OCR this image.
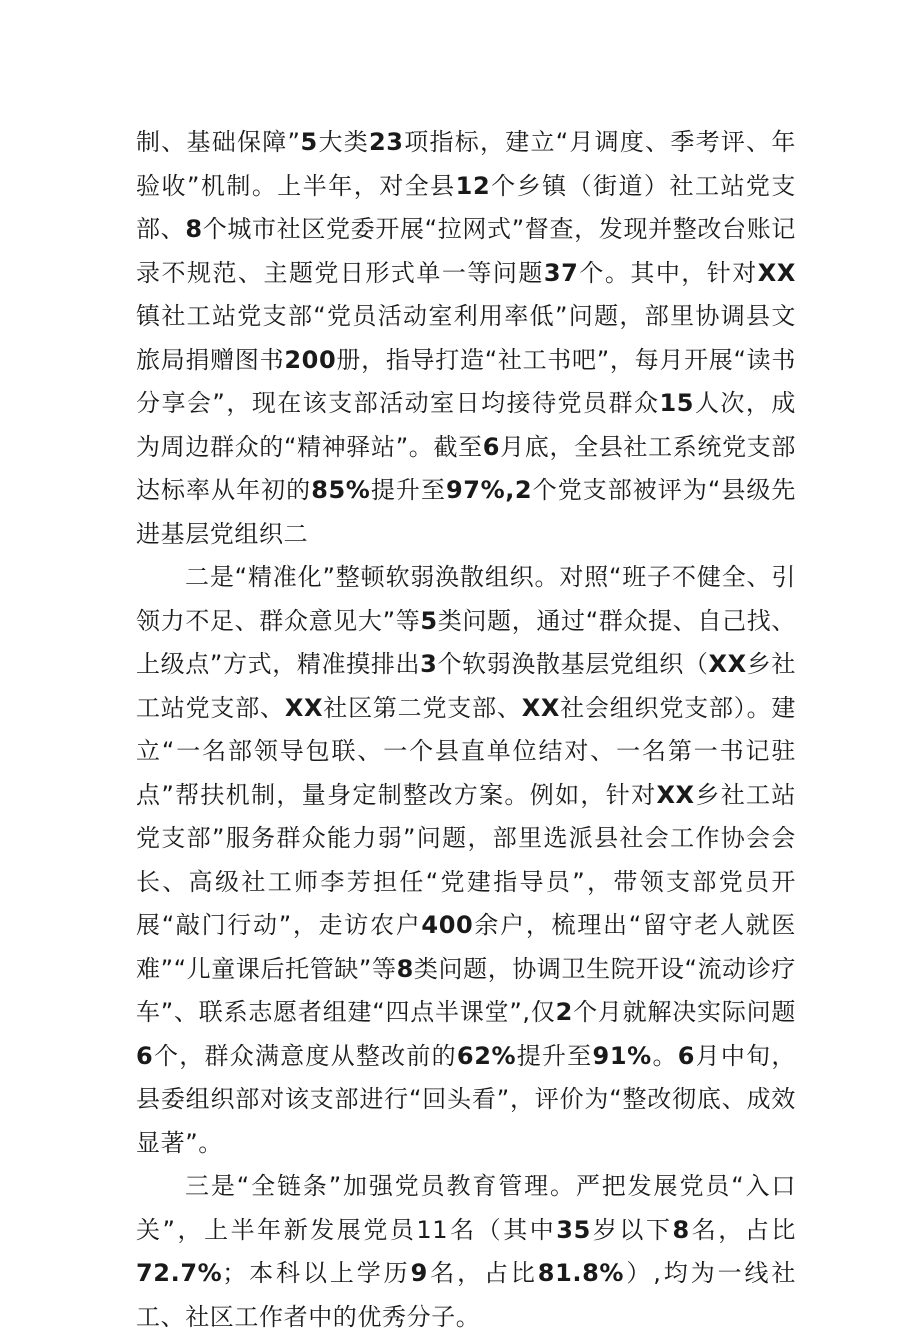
制、基础保障”5大类23项指标，建立“月调度、季考评、年验收”机制。上半年，对全县12个乡镇（街道）社工站党支部、8个城市社区党委开展“拉网式”督查，发现并整改台账记录不规范、主题党日形式单一等问题37个。其中，针对XX镇社工站党支部“党员活动室利用率低”问题，部里协调县文旅局捐赠图书200册，指导打造“社工书吧”，每月开展“读书分享会”，现在该支部活动室日均接待党员群众15人次，成为周边群众的“精神驿站”。截至6月底，全县社工系统党支部达标率从年初的85%提升至97%,2个党支部被评为“县级先进基层党组织二

二是“精准化”整顿软弱涣散组织。对照“班子不健全、引领力不足、群众意见大”等5类问题，通过“群众提、自己找、上级点”方式，精准摸排出3个软弱涣散基层党组织（XX乡社工站党支部、XX社区第二党支部、XX社会组织党支部）。建立“一名部领导包联、一个县直单位结对、一名第一书记驻点”帮扶机制，量身定制整改方案。例如，针对XX乡社工站党支部”服务群众能力弱”问题，部里选派县社会工作协会会长、高级社工师李芳担任“党建指导员”，带领支部党员开展“敲门行动”，走访农户400余户，梳理出“留守老人就医难”“儿童课后托管缺”等8类问题，协调卫生院开设“流动诊疗车”、联系志愿者组建“四点半课堂”,仅2个月就解决实际问题6个，群众满意度从整改前的62%提升至91%。6月中旬，县委组织部对该支部进行“回头看”，评价为“整改彻底、成效显著”。

三是“全链条”加强党员教育管理。严把发展党员“入口关”，上半年新发展党员11名（其中35岁以下8名，占比72.7%；本科以上学历9名，占比81.8%）,均为一线社工、社区工作者中的优秀分子。
